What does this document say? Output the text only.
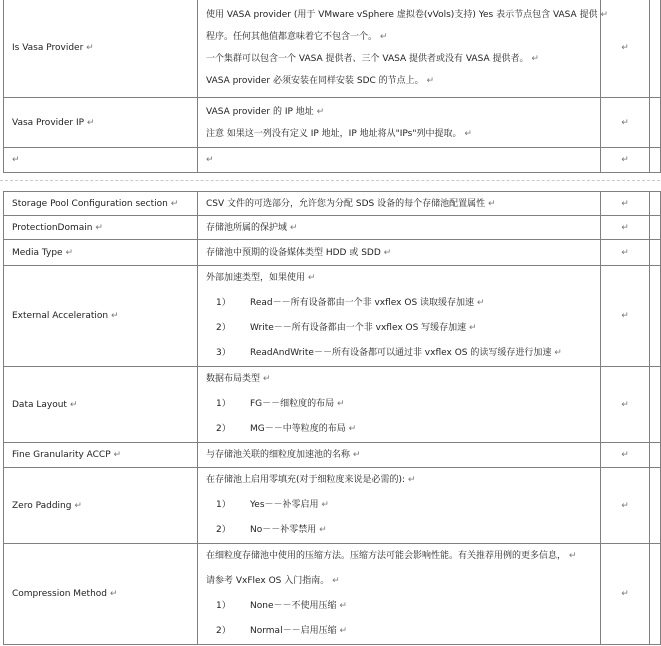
Is Vasa Provider ↵	使用 VASA provider (用于 VMware vSphere 虚拟卷(vVols)支持) Yes 表示节点包含 VASA 提供 ↵
程序。任何其他值都意味着它不包含一个。 ↵
一个集群可以包含一个 VASA 提供者、三个 VASA 提供者或没有 VASA 提供者。 ↵
VASA provider 必须安装在同样安装 SDC 的节点上。 ↵	↵	
Vasa Provider IP ↵	VASA provider 的 IP 地址 ↵
注意 如果这一列没有定义 IP 地址，IP 地址将从"IPs"列中提取。 ↵	↵	
↵	↵	↵	
Storage Pool Configuration section ↵	CSV 文件的可选部分，允许您为分配 SDS 设备的每个存储池配置属性 ↵	↵	
ProtectionDomain ↵	存储池所属的保护域 ↵	↵	
Media Type ↵	存储池中预期的设备媒体类型 HDD 或 SDD ↵	↵	
External Acceleration ↵	外部加速类型，如果使用 ↵
1） Read－－所有设备都由一个非 vxflex OS 读取缓存加速 ↵
2） Write－－所有设备都由一个非 vxflex OS 写缓存加速 ↵
3） ReadAndWrite－－所有设备都可以通过非 vxflex OS 的读写缓存进行加速 ↵	↵	
Data Layout ↵	数据布局类型 ↵
1） FG－－细粒度的布局 ↵
2） MG－－中等粒度的布局 ↵	↵	
Fine Granularity ACCP ↵	与存储池关联的细粒度加速池的名称 ↵	↵	
Zero Padding ↵	在存储池上启用零填充(对于细粒度来说是必需的): ↵
1） Yes－－补零启用 ↵
2） No－－补零禁用 ↵	↵	
Compression Method ↵	在细粒度存储池中使用的压缩方法。压缩方法可能会影响性能。有关推荐用例的更多信息， ↵
请参考 VxFlex OS 入门指南。 ↵
1） None－－不使用压缩 ↵
2） Normal－－启用压缩 ↵	↵	
